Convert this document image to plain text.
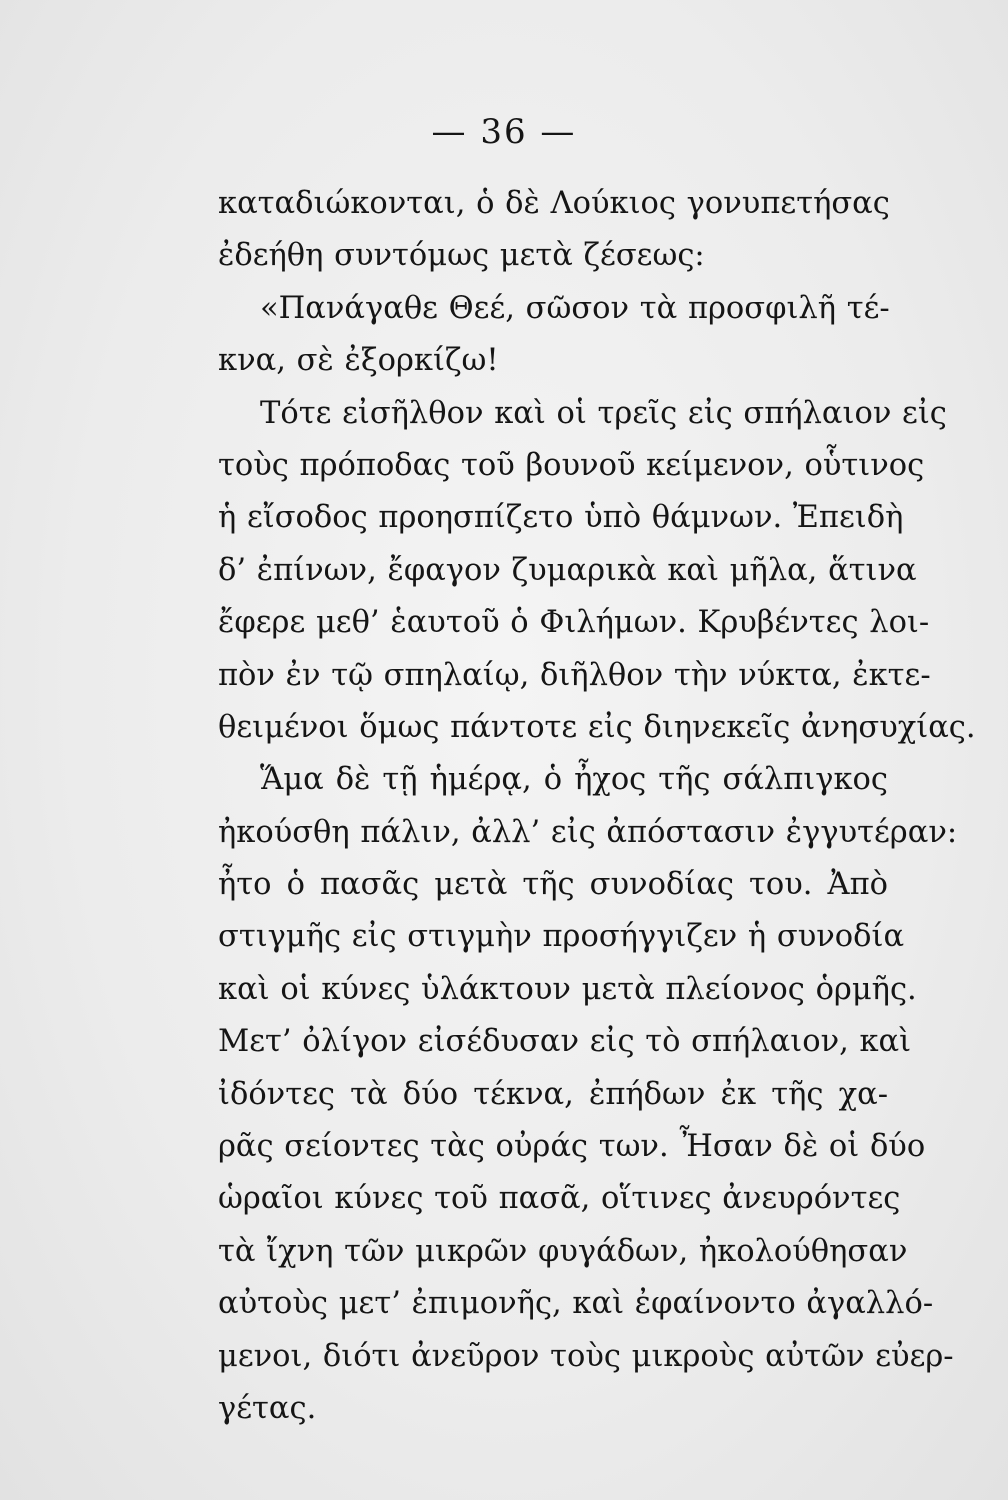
— 36 —
καταδιώκονται, ὁ δὲ Λούκιος γονυπετήσας
ἐδεήθη συντόμως μετὰ ζέσεως:
«Πανάγαθε Θεέ, σῶσον τὰ προσφιλῆ τέ-
κνα, σὲ ἐξορκίζω!
Τότε εἰσῆλθον καὶ οἱ τρεῖς εἰς σπήλαιον εἰς
τοὺς πρόποδας τοῦ βουνοῦ κείμενον, οὗτινος
ἡ εἴσοδος προησπίζετο ὑπὸ θάμνων. Ἐπειδὴ
δ’ ἐπίνων, ἔφαγον ζυμαρικὰ καὶ μῆλα, ἅτινα
ἔφερε μεθ’ ἑαυτοῦ ὁ Φιλήμων. Κρυβέντες λοι-
πὸν ἐν τῷ σπηλαίῳ, διῆλθον τὴν νύκτα, ἐκτε-
θειμένοι ὅμως πάντοτε εἰς διηνεκεῖς ἀνησυχίας.
Ἅμα δὲ τῇ ἡμέρᾳ, ὁ ἦχος τῆς σάλπιγκος
ἠκούσθη πάλιν, ἀλλ’ εἰς ἀπόστασιν ἐγγυτέραν:
ἦτο ὁ πασᾶς μετὰ τῆς συνοδίας του. Ἀπὸ
στιγμῆς εἰς στιγμὴν προσήγγιζεν ἡ συνοδία
καὶ οἱ κύνες ὑλάκτουν μετὰ πλείονος ὁρμῆς.
Μετ’ ὀλίγον εἰσέδυσαν εἰς τὸ σπήλαιον, καὶ
ἰδόντες τὰ δύο τέκνα, ἐπήδων ἐκ τῆς χα-
ρᾶς σείοντες τὰς οὐράς των. Ἦσαν δὲ οἱ δύο
ὡραῖοι κύνες τοῦ πασᾶ, οἵτινες ἀνευρόντες
τὰ ἴχνη τῶν μικρῶν φυγάδων, ἠκολούθησαν
αὐτοὺς μετ’ ἐπιμονῆς, καὶ ἐφαίνοντο ἀγαλλό-
μενοι, διότι ἀνεῦρον τοὺς μικροὺς αὐτῶν εὐερ-
γέτας.
